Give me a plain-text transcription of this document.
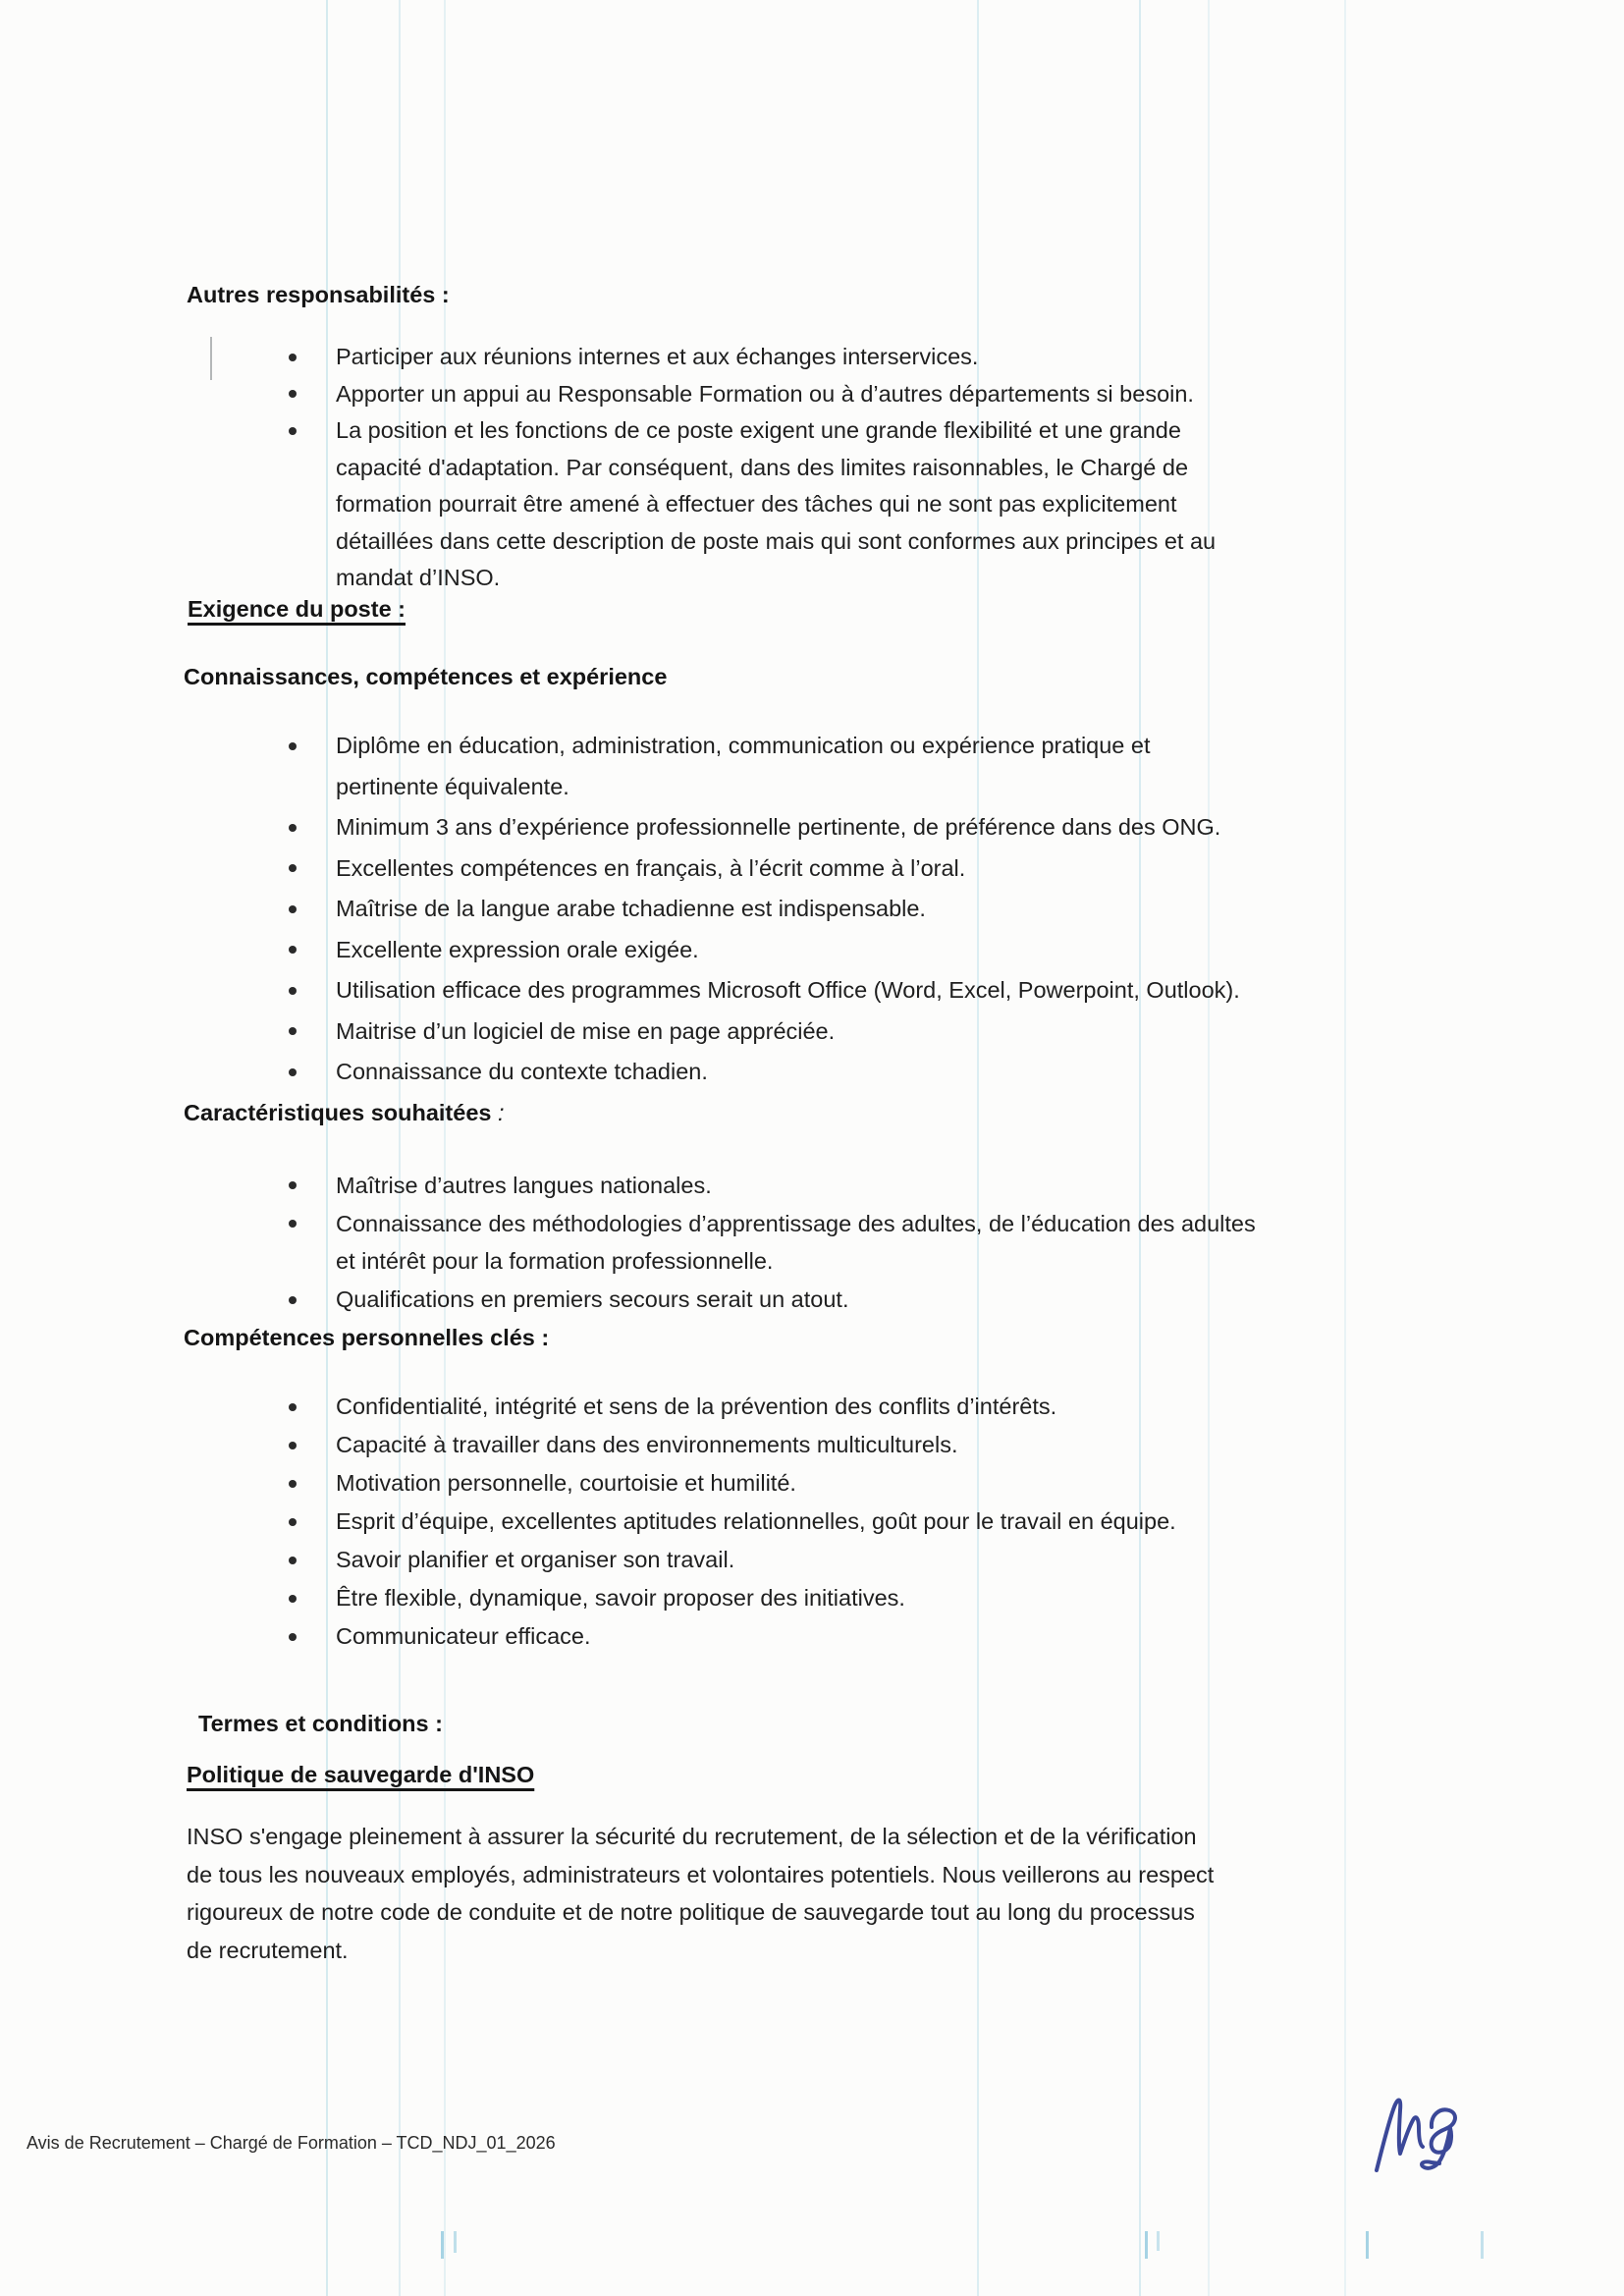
Autres responsabilités :
Participer aux réunions internes et aux échanges interservices.
Apporter un appui au Responsable Formation ou à d’autres départements si besoin.
La position et les fonctions de ce poste exigent une grande flexibilité et une grande
capacité d'adaptation. Par conséquent, dans des limites raisonnables, le Chargé de
formation pourrait être amené à effectuer des tâches qui ne sont pas explicitement
détaillées dans cette description de poste mais qui sont conformes aux principes et au
mandat d’INSO.
Exigence du poste :
Connaissances, compétences et expérience
Diplôme en éducation, administration, communication ou expérience pratique et
pertinente équivalente.
Minimum 3 ans d’expérience professionnelle pertinente, de préférence dans des ONG.
Excellentes compétences en français, à l’écrit comme à l’oral.
Maîtrise de la langue arabe tchadienne est indispensable.
Excellente expression orale exigée.
Utilisation efficace des programmes Microsoft Office (Word, Excel, Powerpoint, Outlook).
Maitrise d’un logiciel de mise en page appréciée.
Connaissance du contexte tchadien.
Caractéristiques souhaitées :
Maîtrise d’autres langues nationales.
Connaissance des méthodologies d’apprentissage des adultes, de l’éducation des adultes
et intérêt pour la formation professionnelle.
Qualifications en premiers secours serait un atout.
Compétences personnelles clés :
Confidentialité, intégrité et sens de la prévention des conflits d’intérêts.
Capacité à travailler dans des environnements multiculturels.
Motivation personnelle, courtoisie et humilité.
Esprit d’équipe, excellentes aptitudes relationnelles, goût pour le travail en équipe.
Savoir planifier et organiser son travail.
Être flexible, dynamique, savoir proposer des initiatives.
Communicateur efficace.
Termes et conditions :
Politique de sauvegarde d'INSO
INSO s'engage pleinement à assurer la sécurité du recrutement, de la sélection et de la vérification
de tous les nouveaux employés, administrateurs et volontaires potentiels. Nous veillerons au respect
rigoureux de notre code de conduite et de notre politique de sauvegarde tout au long du processus
de recrutement.
Avis de Recrutement – Chargé de Formation – TCD_NDJ_01_2026
